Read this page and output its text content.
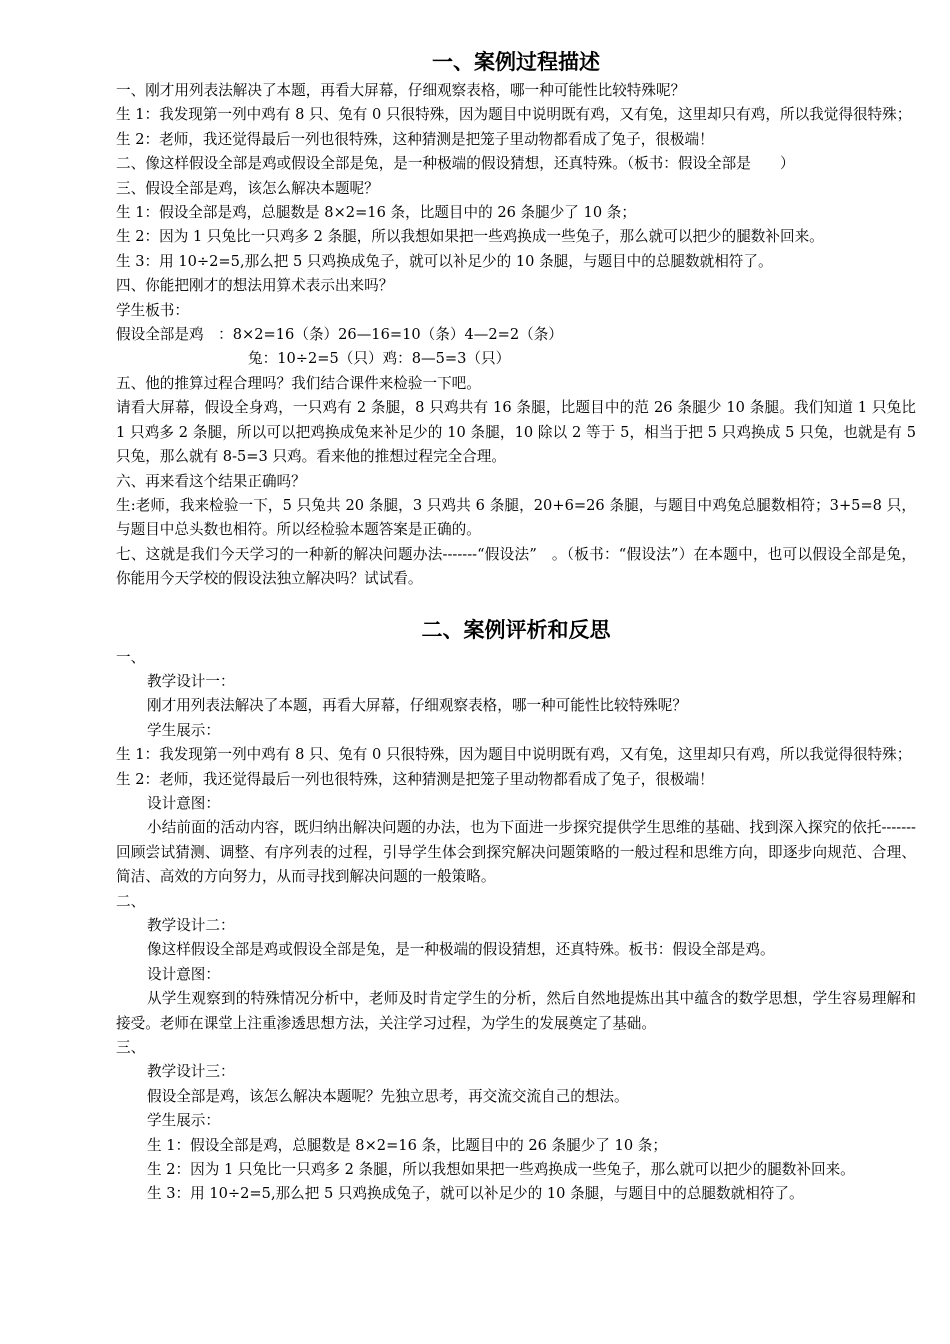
一、案例过程描述

一、刚才用列表法解决了本题，再看大屏幕，仔细观察表格，哪一种可能性比较特殊呢？

生 1：我发现第一列中鸡有 8 只、兔有 0 只很特殊，因为题目中说明既有鸡，又有兔，这里却只有鸡，所以我觉得很特殊；

生 2：老师，我还觉得最后一列也很特殊，这种猜测是把笼子里动物都看成了兔子，很极端！

二、像这样假设全部是鸡或假设全部是兔，是一种极端的假设猜想，还真特殊。（板书：假设全部是　　）

三、假设全部是鸡，该怎么解决本题呢？

生 1：假设全部是鸡，总腿数是 8×2=16 条，比题目中的 26 条腿少了 10 条；

生 2：因为 1 只兔比一只鸡多 2 条腿，所以我想如果把一些鸡换成一些兔子，那么就可以把少的腿数补回来。

生 3：用 10÷2=5,那么把 5 只鸡换成兔子，就可以补足少的 10 条腿，与题目中的总腿数就相符了。

四、你能把刚才的想法用算术表示出来吗？

学生板书：

假设全部是鸡　：8×2=16（条）26—16=10（条）4—2=2（条）

兔：10÷2=5（只）鸡：8—5=3（只）

五、他的推算过程合理吗？我们结合课件来检验一下吧。

请看大屏幕，假设全身鸡，一只鸡有 2 条腿，8 只鸡共有 16 条腿，比题目中的范 26 条腿少 10 条腿。我们知道 1 只兔比 1 只鸡多 2 条腿，所以可以把鸡换成兔来补足少的 10 条腿，10 除以 2 等于 5，相当于把 5 只鸡换成 5 只兔，也就是有 5 只兔，那么就有 8-5=3 只鸡。看来他的推想过程完全合理。

六、再来看这个结果正确吗？

生:老师，我来检验一下，5 只兔共 20 条腿，3 只鸡共 6 条腿，20+6=26 条腿，与题目中鸡兔总腿数相符；3+5=8 只，与题目中总头数也相符。所以经检验本题答案是正确的。

七、这就是我们今天学习的一种新的解决问题办法-------“假设法”　。（板书：“假设法”）在本题中，也可以假设全部是兔，你能用今天学校的假设法独立解决吗？试试看。

二、案例评析和反思

一、

教学设计一：

刚才用列表法解决了本题，再看大屏幕，仔细观察表格，哪一种可能性比较特殊呢？

学生展示：

生 1：我发现第一列中鸡有 8 只、兔有 0 只很特殊，因为题目中说明既有鸡，又有兔，这里却只有鸡，所以我觉得很特殊；

生 2：老师，我还觉得最后一列也很特殊，这种猜测是把笼子里动物都看成了兔子，很极端！

设计意图：

小结前面的活动内容，既归纳出解决问题的办法，也为下面进一步探究提供学生思维的基础、找到深入探究的依托-------回顾尝试猜测、调整、有序列表的过程，引导学生体会到探究解决问题策略的一般过程和思维方向，即逐步向规范、合理、简洁、高效的方向努力，从而寻找到解决问题的一般策略。

二、

教学设计二：

像这样假设全部是鸡或假设全部是兔，是一种极端的假设猜想，还真特殊。板书：假设全部是鸡。

设计意图：

从学生观察到的特殊情况分析中，老师及时肯定学生的分析，然后自然地提炼出其中蕴含的数学思想，学生容易理解和接受。老师在课堂上注重渗透思想方法，关注学习过程，为学生的发展奠定了基础。

三、

教学设计三：

假设全部是鸡，该怎么解决本题呢？先独立思考，再交流交流自己的想法。

学生展示：

生 1：假设全部是鸡，总腿数是 8×2=16 条，比题目中的 26 条腿少了 10 条；

生 2：因为 1 只兔比一只鸡多 2 条腿，所以我想如果把一些鸡换成一些兔子，那么就可以把少的腿数补回来。

生 3：用 10÷2=5,那么把 5 只鸡换成兔子，就可以补足少的 10 条腿，与题目中的总腿数就相符了。
